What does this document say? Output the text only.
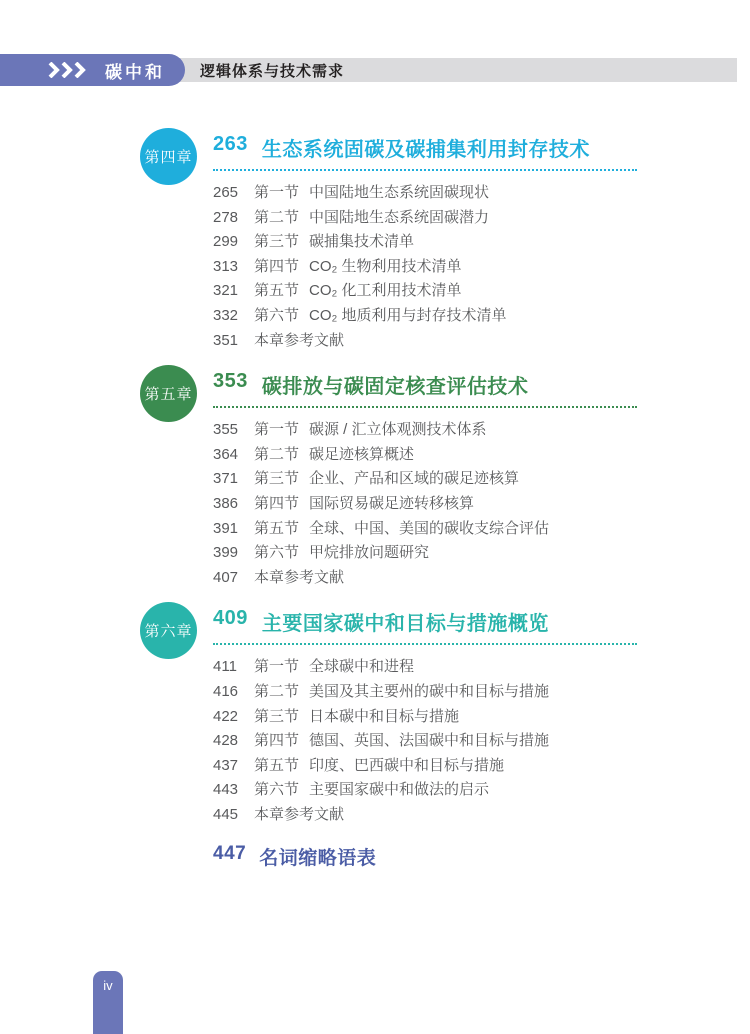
碳中和 逻辑体系与技术需求
第四章
263 生态系统固碳及碳捕集利用封存技术
265	第一节 中国陆地生态系统固碳现状
278	第二节 中国陆地生态系统固碳潜力
299	第三节 碳捕集技术清单
313	第四节 CO₂ 生物利用技术清单
321	第五节 CO₂ 化工利用技术清单
332	第六节 CO₂ 地质利用与封存技术清单
351	本章参考文献
第五章
353 碳排放与碳固定核查评估技术
355	第一节 碳源 / 汇立体观测技术体系
364	第二节 碳足迹核算概述
371	第三节 企业、产品和区域的碳足迹核算
386	第四节 国际贸易碳足迹转移核算
391	第五节 全球、中国、美国的碳收支综合评估
399	第六节 甲烷排放问题研究
407	本章参考文献
第六章
409 主要国家碳中和目标与措施概览
411	第一节 全球碳中和进程
416	第二节 美国及其主要州的碳中和目标与措施
422	第三节 日本碳中和目标与措施
428	第四节 德国、英国、法国碳中和目标与措施
437	第五节 印度、巴西碳中和目标与措施
443	第六节 主要国家碳中和做法的启示
445	本章参考文献
447 名词缩略语表
iv
